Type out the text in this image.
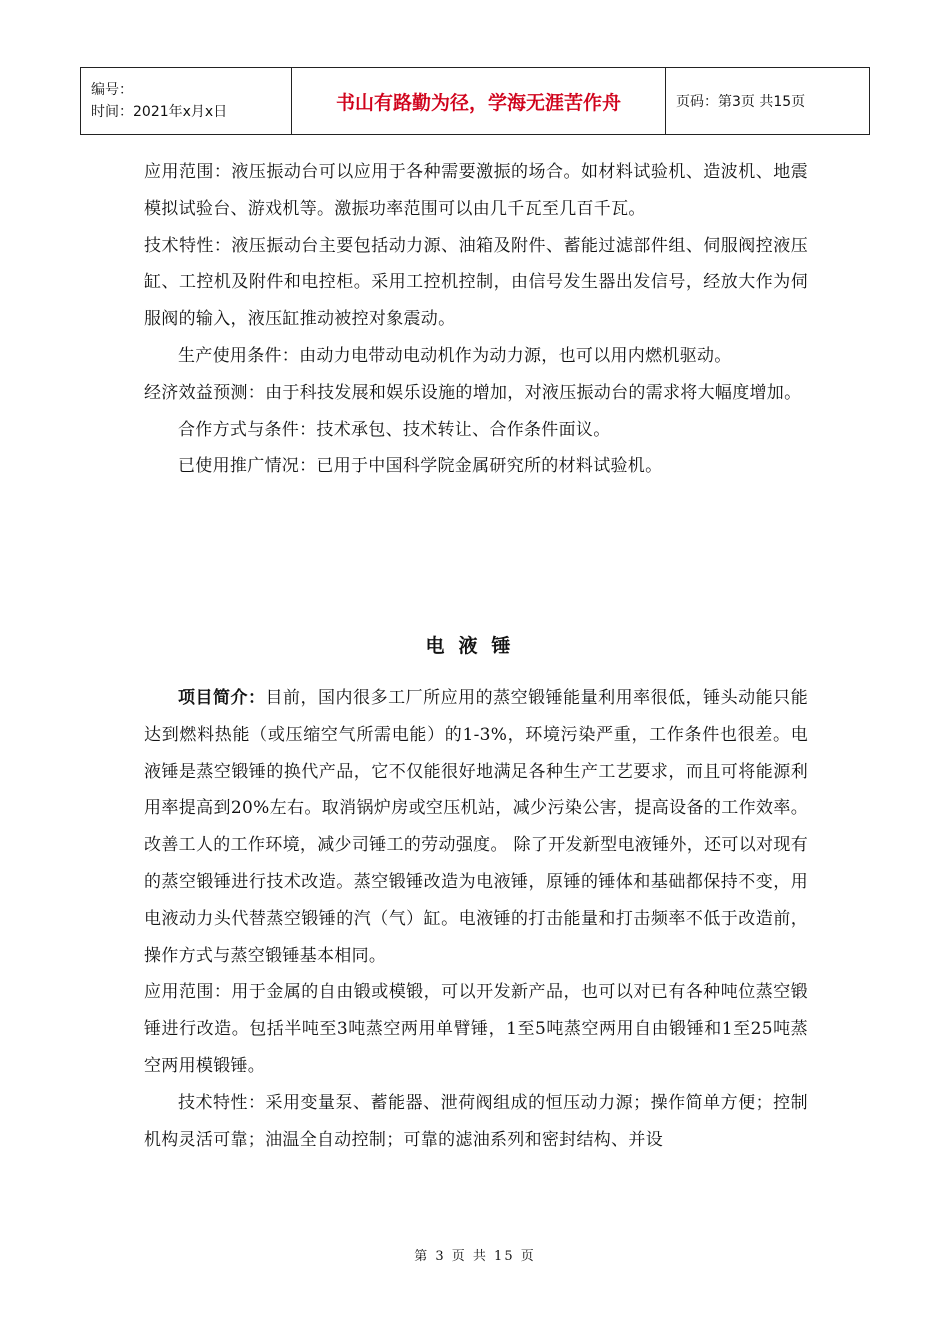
编号：
时间：2021年x月x日	书山有路勤为径，学海无涯苦作舟	页码：第3页 共15页

应用范围：液压振动台可以应用于各种需要激振的场合。如材料试验机、造波机、地震模拟试验台、游戏机等。激振功率范围可以由几千瓦至几百千瓦。

技术特性：液压振动台主要包括动力源、油箱及附件、蓄能过滤部件组、伺服阀控液压缸、工控机及附件和电控柜。采用工控机控制，由信号发生器出发信号，经放大作为伺服阀的输入，液压缸推动被控对象震动。

生产使用条件：由动力电带动电动机作为动力源，也可以用内燃机驱动。

经济效益预测：由于科技发展和娱乐设施的增加，对液压振动台的需求将大幅度增加。

合作方式与条件：技术承包、技术转让、合作条件面议。

已使用推广情况：已用于中国科学院金属研究所的材料试验机。

电液锤

项目简介：目前，国内很多工厂所应用的蒸空锻锤能量利用率很低，锤头动能只能达到燃料热能（或压缩空气所需电能）的1-3%，环境污染严重，工作条件也很差。电液锤是蒸空锻锤的换代产品，它不仅能很好地满足各种生产工艺要求，而且可将能源利用率提高到20%左右。取消锅炉房或空压机站，减少污染公害，提高设备的工作效率。改善工人的工作环境，减少司锤工的劳动强度。 除了开发新型电液锤外，还可以对现有的蒸空锻锤进行技术改造。蒸空锻锤改造为电液锤，原锤的锤体和基础都保持不变，用电液动力头代替蒸空锻锤的汽（气）缸。电液锤的打击能量和打击频率不低于改造前，操作方式与蒸空锻锤基本相同。

应用范围：用于金属的自由锻或模锻，可以开发新产品，也可以对已有各种吨位蒸空锻锤进行改造。包括半吨至3吨蒸空两用单臂锤，1至5吨蒸空两用自由锻锤和1至25吨蒸空两用模锻锤。

技术特性：采用变量泵、蓄能器、泄荷阀组成的恒压动力源；操作简单方便；控制机构灵活可靠；油温全自动控制；可靠的滤油系列和密封结构、并设

第 3 页 共 15 页
